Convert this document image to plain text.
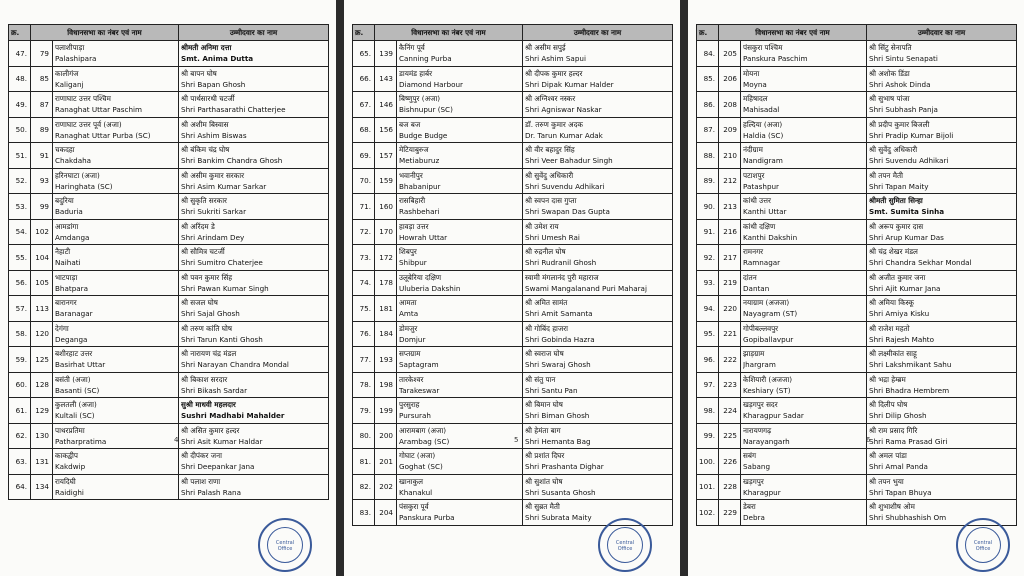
क्र.	विधानसभा का नंबर एवं नाम		उम्मीदवार का नाम
47.	79	पलाशीपाड़ा
Palashipara	श्रीमती अनिमा दत्ता
Smt. Anima Dutta

48.	85	कालीगंज
Kaliganj	श्री बापन घोष
Shri Bapan Ghosh

49.	87	राणाघाट उत्तर पश्चिम
Ranaghat Uttar Paschim	श्री पार्थसारथी चटर्जी
Shri Parthasarathi Chatterjee

50.	89	राणाघाट उत्तर पूर्व (अजा)
Ranaghat Uttar Purba (SC)	श्री अशीम बिस्वास
Shri Ashim Biswas

51.	91	चकदहा
Chakdaha	श्री बंकिम चंद्र घोष
Shri Bankim Chandra Ghosh

52.	93	हरिनघाटा (अजा)
Haringhata (SC)	श्री असीम कुमार सरकार
Shri Asim Kumar Sarkar

53.	99	बदुरिया
Baduria	श्री सुकृति सरकार
Shri Sukriti Sarkar

54.	102	आमडांगा
Amdanga	श्री अरिंदम डे
Shri Arindam Dey

55.	104	नैहाटी
Naihati	श्री सौमित्र चटर्जी
Shri Sumitro Chaterjee

56.	105	भाटपाड़ा
Bhatpara	श्री पवन कुमार सिंह
Shri Pawan Kumar Singh

57.	113	बारानगर
Baranagar	श्री सजल घोष
Shri Sajal Ghosh

58.	120	देगंगा
Deganga	श्री तरुण कांति घोष
Shri Tarun Kanti Ghosh

59.	125	बशीरहाट उत्तर
Basirhat Uttar	श्री नारायण चंद्र मंडल
Shri Narayan Chandra Mondal

60.	128	बसंती (अजा)
Basanti (SC)	श्री बिकाश सरदार
Shri Bikash Sardar

61.	129	कुलतली (अजा)
Kultali (SC)	सुश्री माधवी महलदार
Sushri Madhabi Mahalder

62.	130	पाथरप्रतिमा
Patharpratima	श्री असित कुमार हल्दर
Shri Asit Kumar Haldar

63.	131	काकद्वीप
Kakdwip	श्री दीपंकर जना
Shri Deepankar Jana

64.	134	रायदिघी
Raidighi	श्री पलाश राणा
Shri Palash Rana
4
Central Office
क्र.	विधानसभा का नंबर एवं नाम		उम्मीदवार का नाम
65.	139	कैनिंग पूर्व
Canning Purba	श्री असीम सपुई
Shri Ashim Sapui

66.	143	डायमंड हार्बर
Diamond Harbour	श्री दीपक कुमार हल्दर
Shri Dipak Kumar Halder

67.	146	बिष्णुपुर (अजा)
Bishnupur (SC)	श्री अग्निश्वर नस्कर
Shri Agniswar Naskar

68.	156	बज बज
Budge Budge	डॉ. तरुण कुमार अदक
Dr. Tarun Kumar Adak

69.	157	मेटियाबुरुज
Metiaburuz	श्री वीर बहादुर सिंह
Shri Veer Bahadur Singh

70.	159	भवानीपुर
Bhabanipur	श्री सुवेंदु अधिकारी
Shri Suvendu Adhikari

71.	160	रासबिहारी
Rashbehari	श्री स्वपन दास गुप्ता
Shri Swapan Das Gupta

72.	170	हावड़ा उत्तर
Howrah Uttar	श्री उमेश राय
Shri Umesh Rai

73.	172	शिबपुर
Shibpur	श्री रुद्रनील घोष
Shri Rudranil Ghosh

74.	178	उलूबेरिया दक्षिण
Uluberia Dakshin	स्वामी मंगलानंद पुरी महाराज
Swami Mangalanand Puri Maharaj

75.	181	आमता
Amta	श्री अमित सामंत
Shri Amit Samanta

76.	184	डोमजुर
Domjur	श्री गोबिंद हाजरा
Shri Gobinda Hazra

77.	193	सप्तग्राम
Saptagram	श्री स्वराज घोष
Shri Swaraj Ghosh

78.	198	तारकेश्वर
Tarakeswar	श्री संतु पान
Shri Santu Pan

79.	199	पुरसुराह
Pursurah	श्री बिमान घोष
Shri Biman Ghosh

80.	200	आरामबाग (अजा)
Arambag (SC)	श्री हेमंता बाग
Shri Hemanta Bag

81.	201	गोघाट (अजा)
Goghat (SC)	श्री प्रशांत दिघर
Shri Prashanta Dighar

82.	202	खानाकुल
Khanakul	श्री सुशांत घोष
Shri Susanta Ghosh

83.	204	पंसकुरा पूर्व
Panskura Purba	श्री सुब्रत मैती
Shri Subrata Maity
5
Central Office
क्र.	विधानसभा का नंबर एवं नाम		उम्मीदवार का नाम
84.	205	पंसकुरा पश्चिम
Panskura Paschim	श्री सिंटु सेनापति
Shri Sintu Senapati

85.	206	मोयना
Moyna	श्री अशोक डिंडा
Shri Ashok Dinda

86.	208	महिषादल
Mahisadal	श्री सुभाष पांजा
Shri Subhash Panja

87.	209	हल्दिया (अजा)
Haldia (SC)	श्री प्रदीप कुमार बिजली
Shri Pradip Kumar Bijoli

88.	210	नंदीग्राम
Nandigram	श्री सुवेंदु अधिकारी
Shri Suvendu Adhikari

89.	212	पटाशपुर
Patashpur	श्री तपन मैती
Shri Tapan Maity

90.	213	कांथी उत्तर
Kanthi Uttar	श्रीमती सुमिता सिन्हा
Smt. Sumita Sinha

91.	216	कांथी दक्षिण
Kanthi Dakshin	श्री अरूप कुमार दास
Shri Arup Kumar Das

92.	217	रामनगर
Ramnagar	श्री चंद्र शेखर मंडल
Shri Chandra Sekhar Mondal

93.	219	दांतन
Dantan	श्री अजीत कुमार जना
Shri Ajit Kumar Jana

94.	220	नयाग्राम (अजजा)
Nayagram (ST)	श्री अमिया किस्कू
Shri Amiya Kisku

95.	221	गोपीबल्लवपुर
Gopiballavpur	श्री राजेश महतो
Shri Rajesh Mahto

96.	222	झाड़ग्राम
Jhargram	श्री लक्ष्मीकांत साहू
Shri Lakshmikant Sahu

97.	223	केशियारी (अजजा)
Keshiary (ST)	श्री भद्रा हेम्ब्रम
Shri Bhadra Hembrem

98.	224	खड़गपुर सदर
Kharagpur Sadar	श्री दिलीप घोष
Shri Dilip Ghosh

99.	225	नारायणगढ़
Narayangarh	श्री राम प्रसाद गिरि
Shri Rama Prasad Giri

100.	226	सबंग
Sabang	श्री अमल पांडा
Shri Amal Panda

101.	228	खड़गपुर
Kharagpur	श्री तपन भुया
Shri Tapan Bhuya

102.	229	डेबरा
Debra	श्री शुभाशीष ओम
Shri Shubhashish Om
6
Central Office
